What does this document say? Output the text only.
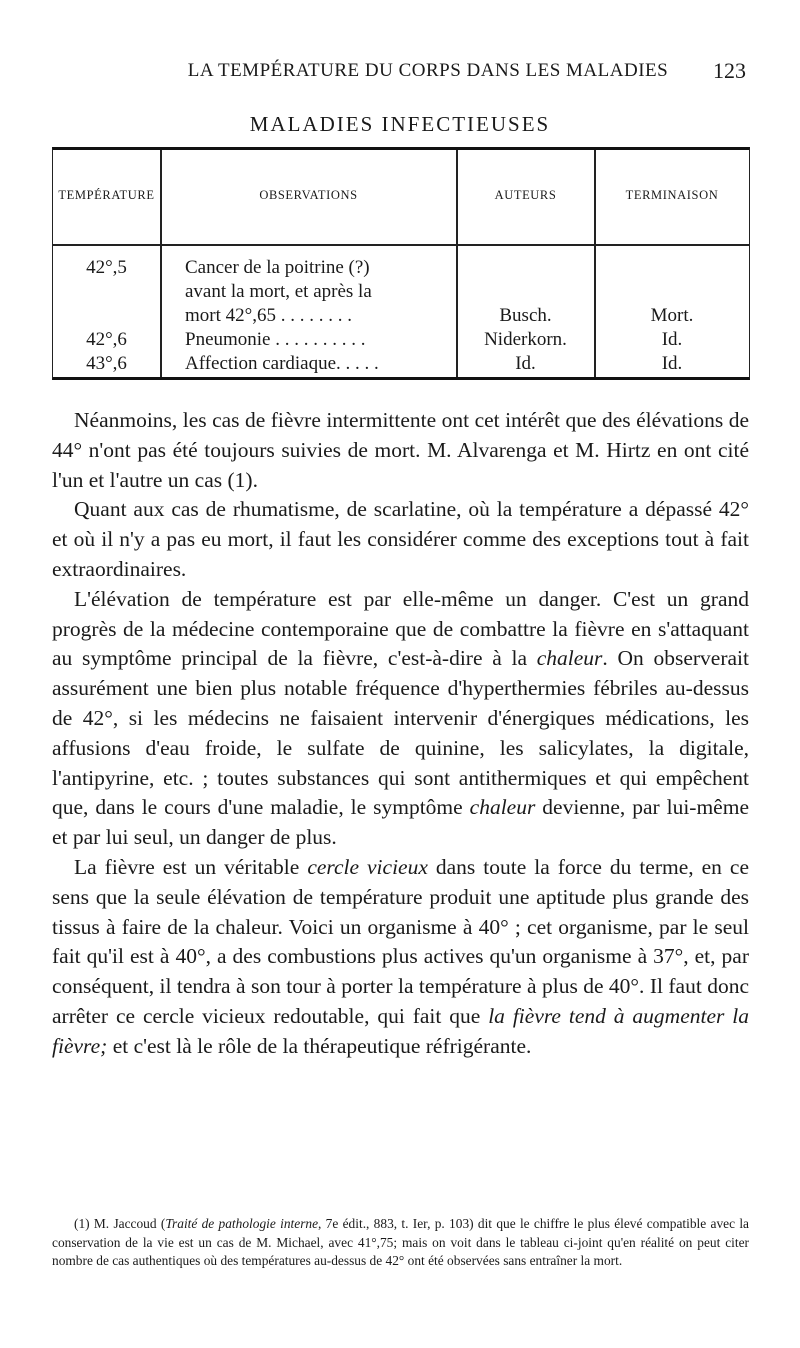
LA TEMPÉRATURE DU CORPS DANS LES MALADIES	123
MALADIES INFECTIEUSES
TEMPÉRATURE	OBSERVATIONS	AUTEURS	TERMINAISON
42°,5	Cancer de la poitrine (?)
avant la mort, et après la
mort 42°,65 . . . . . . . .	Busch.	Mort.
42°,6	Pneumonie . . . . . . . . . .	Niderkorn.	Id.
43°,6	Affection cardiaque. . . . .	Id.	Id.

Néanmoins, les cas de fièvre intermittente ont cet intérêt que des élévations de 44° n'ont pas été toujours suivies de mort. M. Alvarenga et M. Hirtz en ont cité l'un et l'autre un cas (1).

Quant aux cas de rhumatisme, de scarlatine, où la température a dépassé 42° et où il n'y a pas eu mort, il faut les considérer comme des exceptions tout à fait extraordinaires.

L'élévation de température est par elle-même un danger. C'est un grand progrès de la médecine contemporaine que de combattre la fièvre en s'attaquant au symptôme principal de la fièvre, c'est-à-dire à la chaleur. On observerait assurément une bien plus notable fréquence d'hyperthermies fébriles au-dessus de 42°, si les médecins ne faisaient intervenir d'énergiques médications, les affusions d'eau froide, le sulfate de quinine, les salicylates, la digitale, l'antipyrine, etc. ; toutes substances qui sont antithermiques et qui empêchent que, dans le cours d'une maladie, le symptôme chaleur devienne, par lui-même et par lui seul, un danger de plus.

La fièvre est un véritable cercle vicieux dans toute la force du terme, en ce sens que la seule élévation de température produit une aptitude plus grande des tissus à faire de la chaleur. Voici un organisme à 40° ; cet organisme, par le seul fait qu'il est à 40°, a des combustions plus actives qu'un organisme à 37°, et, par conséquent, il tendra à son tour à porter la température à plus de 40°. Il faut donc arrêter ce cercle vicieux redoutable, qui fait que la fièvre tend à augmenter la fièvre; et c'est là le rôle de la thérapeutique réfrigérante.

(1) M. Jaccoud (Traité de pathologie interne, 7e édit., 883, t. Ier, p. 103) dit que le chiffre le plus élevé compatible avec la conservation de la vie est un cas de M. Michael, avec 41°,75; mais on voit dans le tableau ci-joint qu'en réalité on peut citer nombre de cas authentiques où des températures au-dessus de 42° ont été observées sans entraîner la mort.
